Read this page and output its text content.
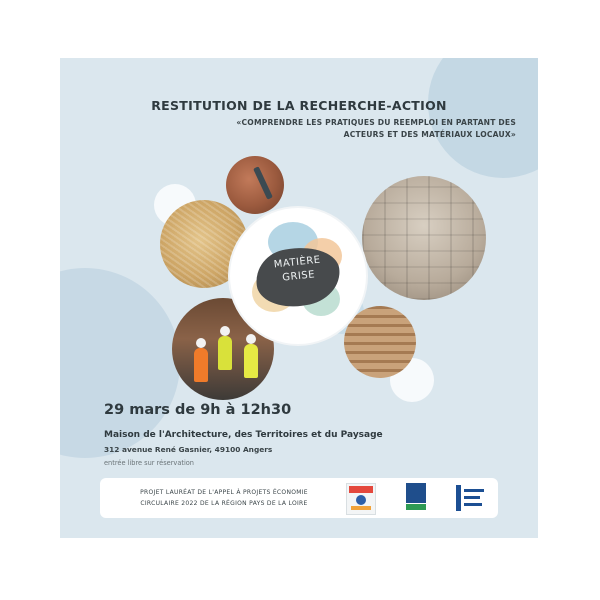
RESTITUTION DE LA RECHERCHE-ACTION
«COMPRENDRE LES PRATIQUES DU REEMPLOI EN PARTANT DES
ACTEURS ET DES MATÉRIAUX LOCAUX»
MATIÈRE
GRISE
29 mars de 9h à 12h30
Maison de l'Architecture, des Territoires et du Paysage
312 avenue René Gasnier, 49100 Angers
entrée libre sur réservation
PROJET LAURÉAT DE L'APPEL À PROJETS ÉCONOMIE
CIRCULAIRE 2022 DE LA RÉGION PAYS DE LA LOIRE
